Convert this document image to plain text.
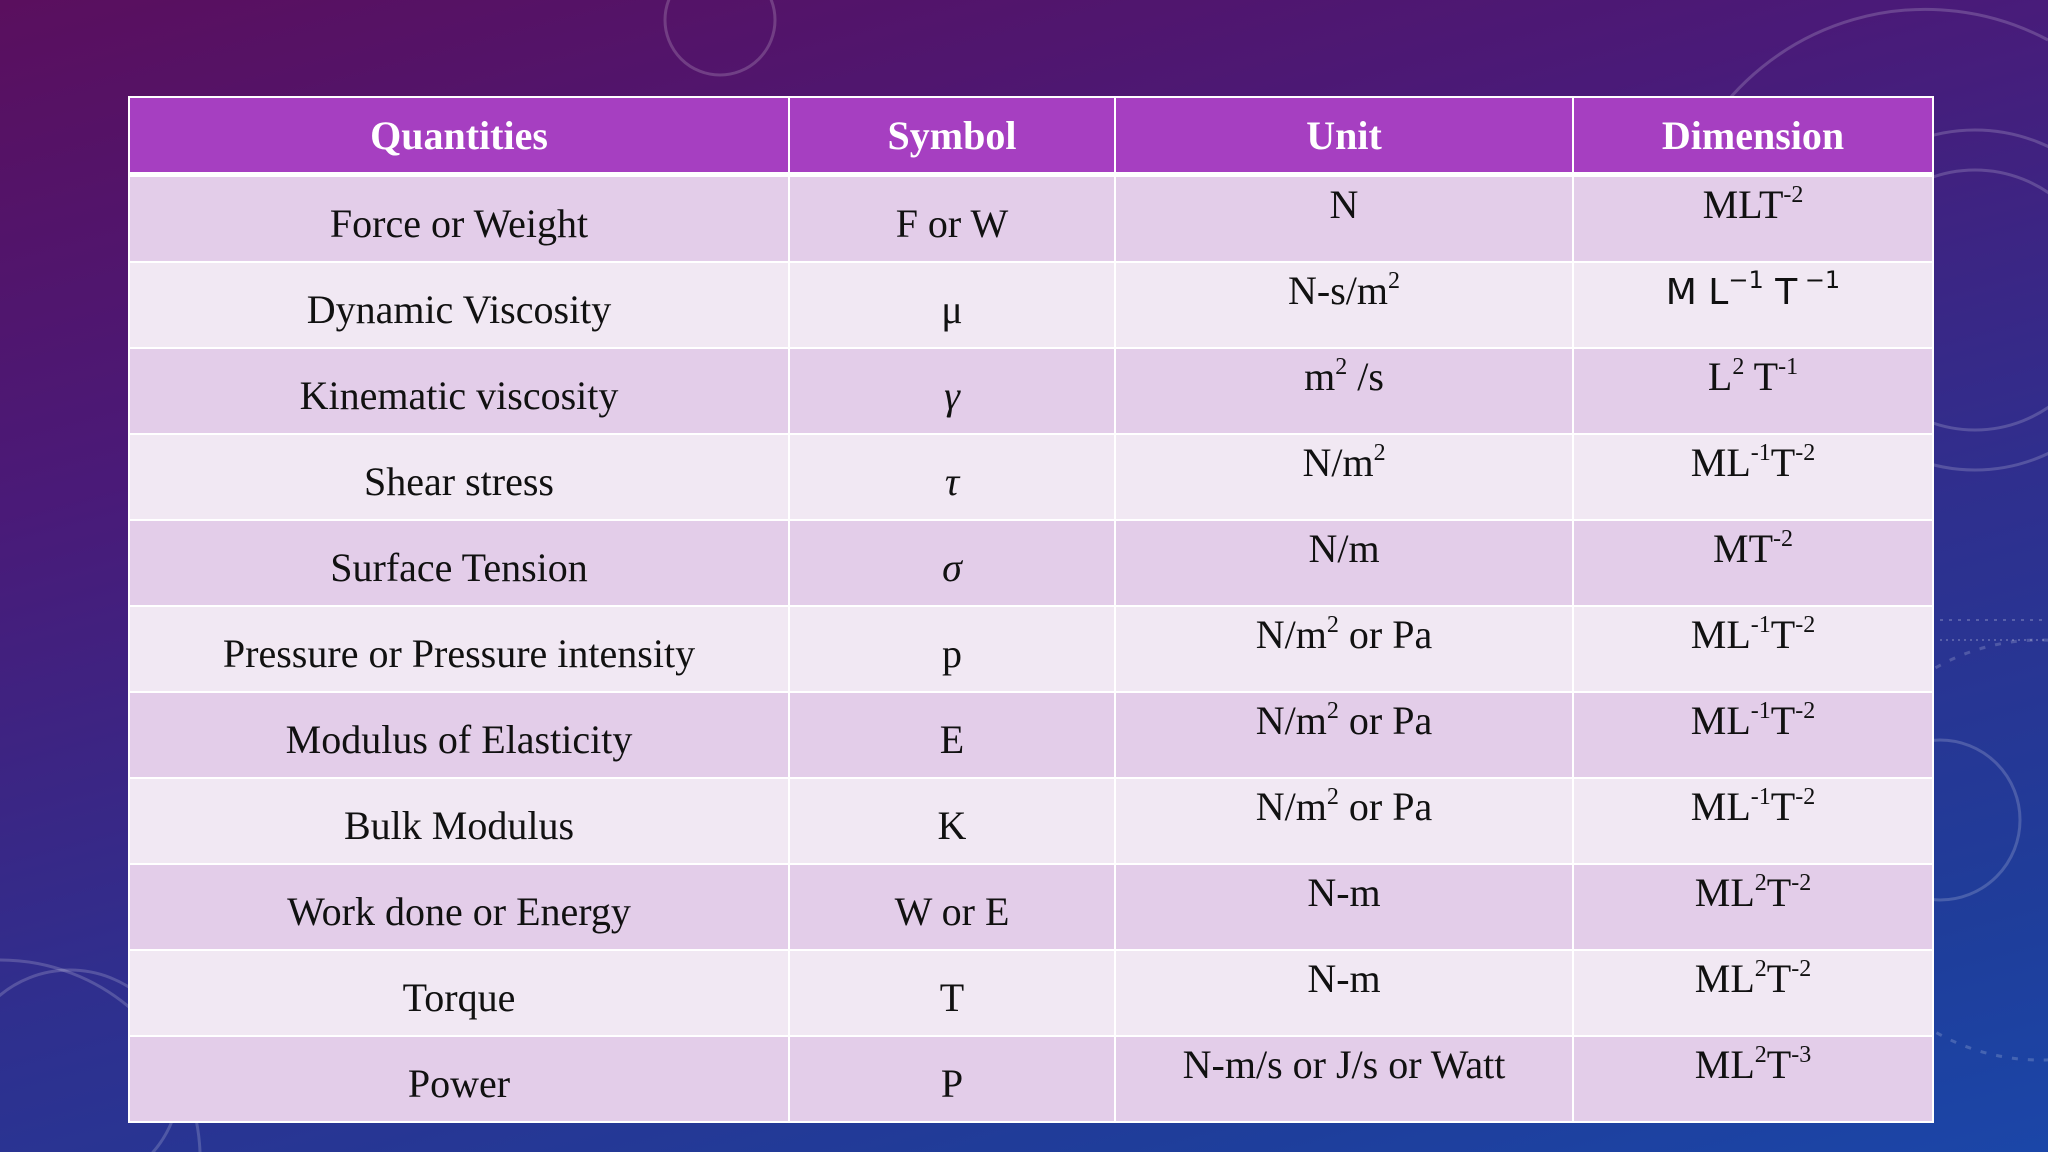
Quantities	Symbol	Unit	Dimension
Force or Weight	F or W	N	$MLT^{-2}$
Dynamic Viscosity	μ	$N-s/m^2$	M $L^{-1}$ T $^{-1}$
Kinematic viscosity	γ	$m^2$ /s	$L^2$ $T^{-1}$
Shear stress	τ	$N/m^2$	$ML^{-1}T^{-2}$
Surface Tension	σ	N/m	$MT^{-2}$
Pressure or Pressure intensity	p	$N/m^2$ or Pa	$ML^{-1}T^{-2}$
Modulus of Elasticity	E	$N/m^2$ or Pa	$ML^{-1}T^{-2}$
Bulk Modulus	K	$N/m^2$ or Pa	$ML^{-1}T^{-2}$
Work done or Energy	W or E	N-m	$ML^2T^{-2}$
Torque	T	N-m	$ML^2T^{-2}$
Power	P	N-m/s or J/s or Watt	$ML^2T^{-3}$
